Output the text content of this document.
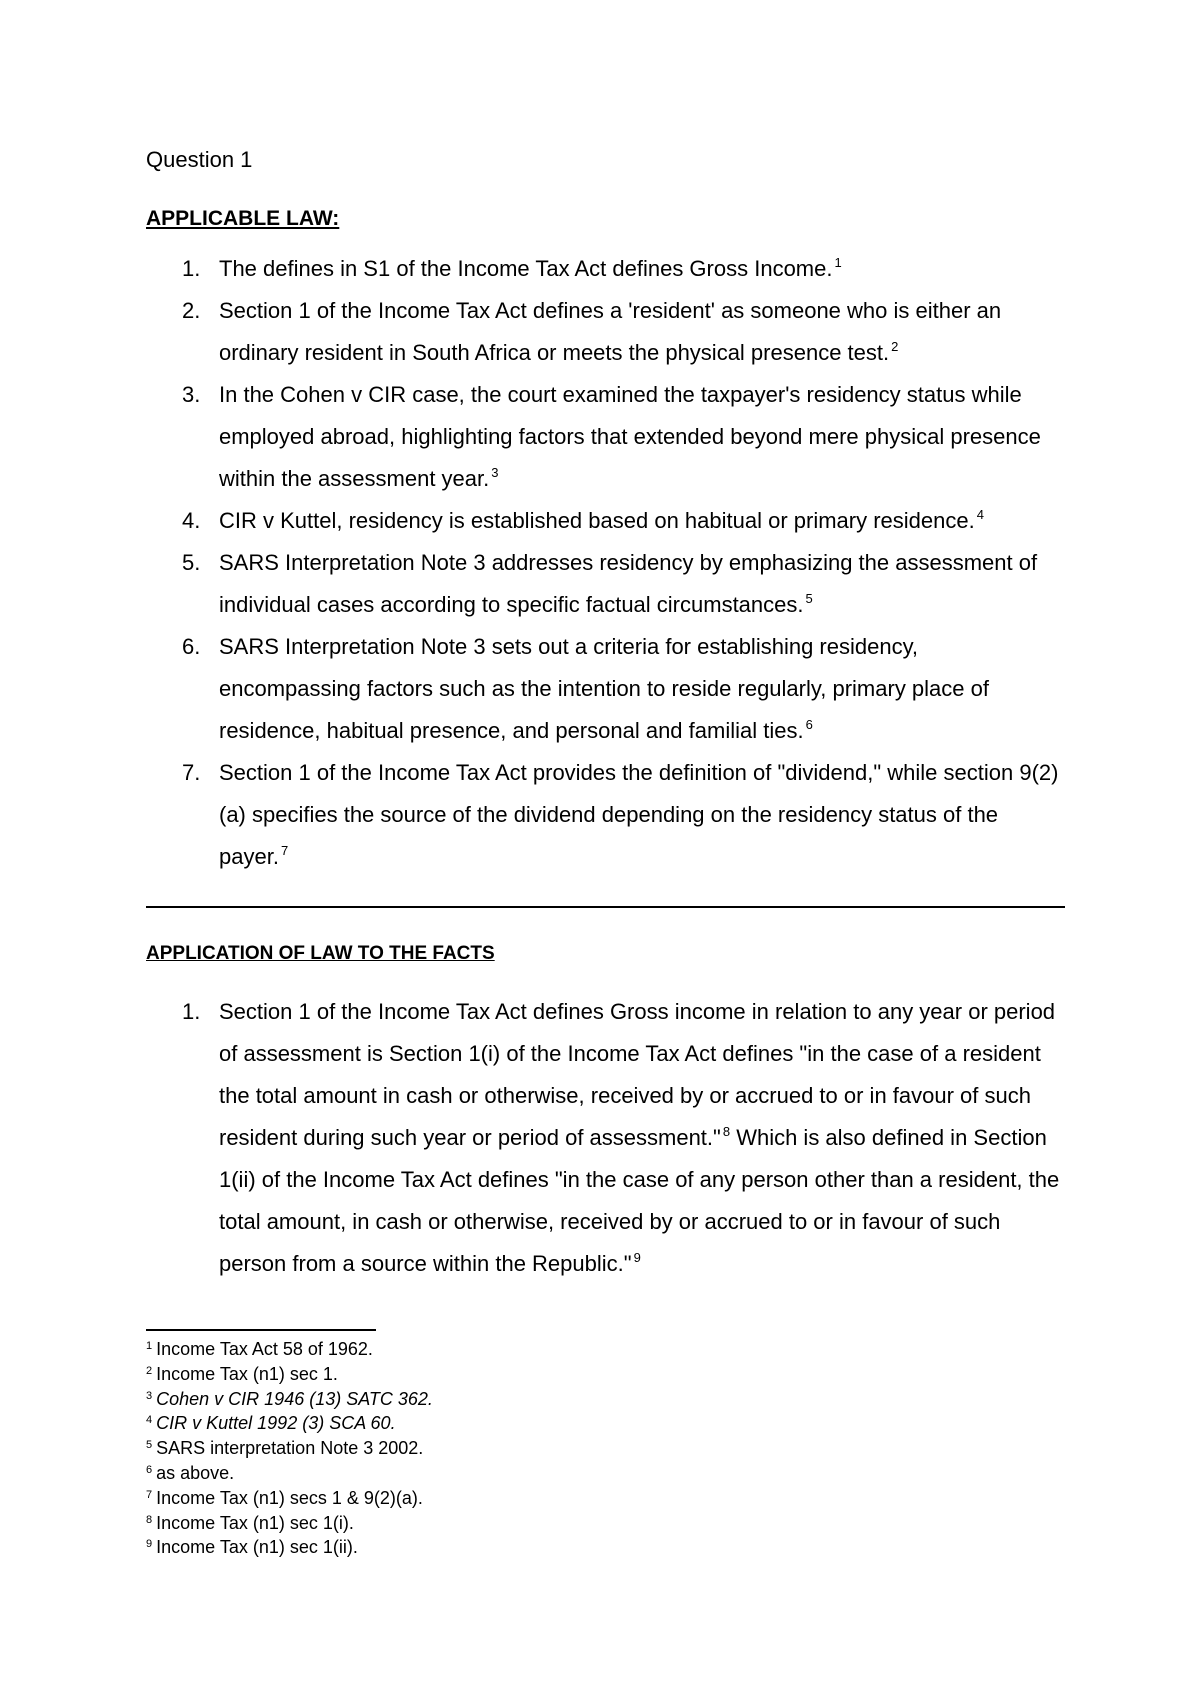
Question 1
APPLICABLE LAW:
1. The defines in S1 of the Income Tax Act defines Gross Income. $^1$
2. Section 1 of the Income Tax Act defines a 'resident' as someone who is either an ordinary resident in South Africa or meets the physical presence test. $^2$
3. In the Cohen v CIR case, the court examined the taxpayer's residency status while employed abroad, highlighting factors that extended beyond mere physical presence within the assessment year. $^3$
4. CIR v Kuttel, residency is established based on habitual or primary residence. $^4$
5. SARS Interpretation Note 3 addresses residency by emphasizing the assessment of individual cases according to specific factual circumstances. $^5$
6. SARS Interpretation Note 3 sets out a criteria for establishing residency, encompassing factors such as the intention to reside regularly, primary place of residence, habitual presence, and personal and familial ties. $^6$
7. Section 1 of the Income Tax Act provides the definition of "dividend," while section 9(2)(a) specifies the source of the dividend depending on the residency status of the payer. $^7$
APPLICATION OF LAW TO THE FACTS
1. Section 1 of the Income Tax Act defines Gross income in relation to any year or period of assessment is Section 1(i) of the Income Tax Act defines "in the case of a resident the total amount in cash or otherwise, received by or accrued to or in favour of such resident during such year or period of assessment." $^8$ Which is also defined in Section 1(ii) of the Income Tax Act defines "in the case of any person other than a resident, the total amount, in cash or otherwise, received by or accrued to or in favour of such person from a source within the Republic." $^9$
$^1$ Income Tax Act 58 of 1962.
$^2$ Income Tax (n1) sec 1.
$^3$ Cohen v CIR 1946 (13) SATC 362.
$^4$ CIR v Kuttel 1992 (3) SCA 60.
$^5$ SARS interpretation Note 3 2002.
$^6$ as above.
$^7$ Income Tax (n1) secs 1 & 9(2)(a).
$^8$ Income Tax (n1) sec 1(i).
$^9$ Income Tax (n1) sec 1(ii).
